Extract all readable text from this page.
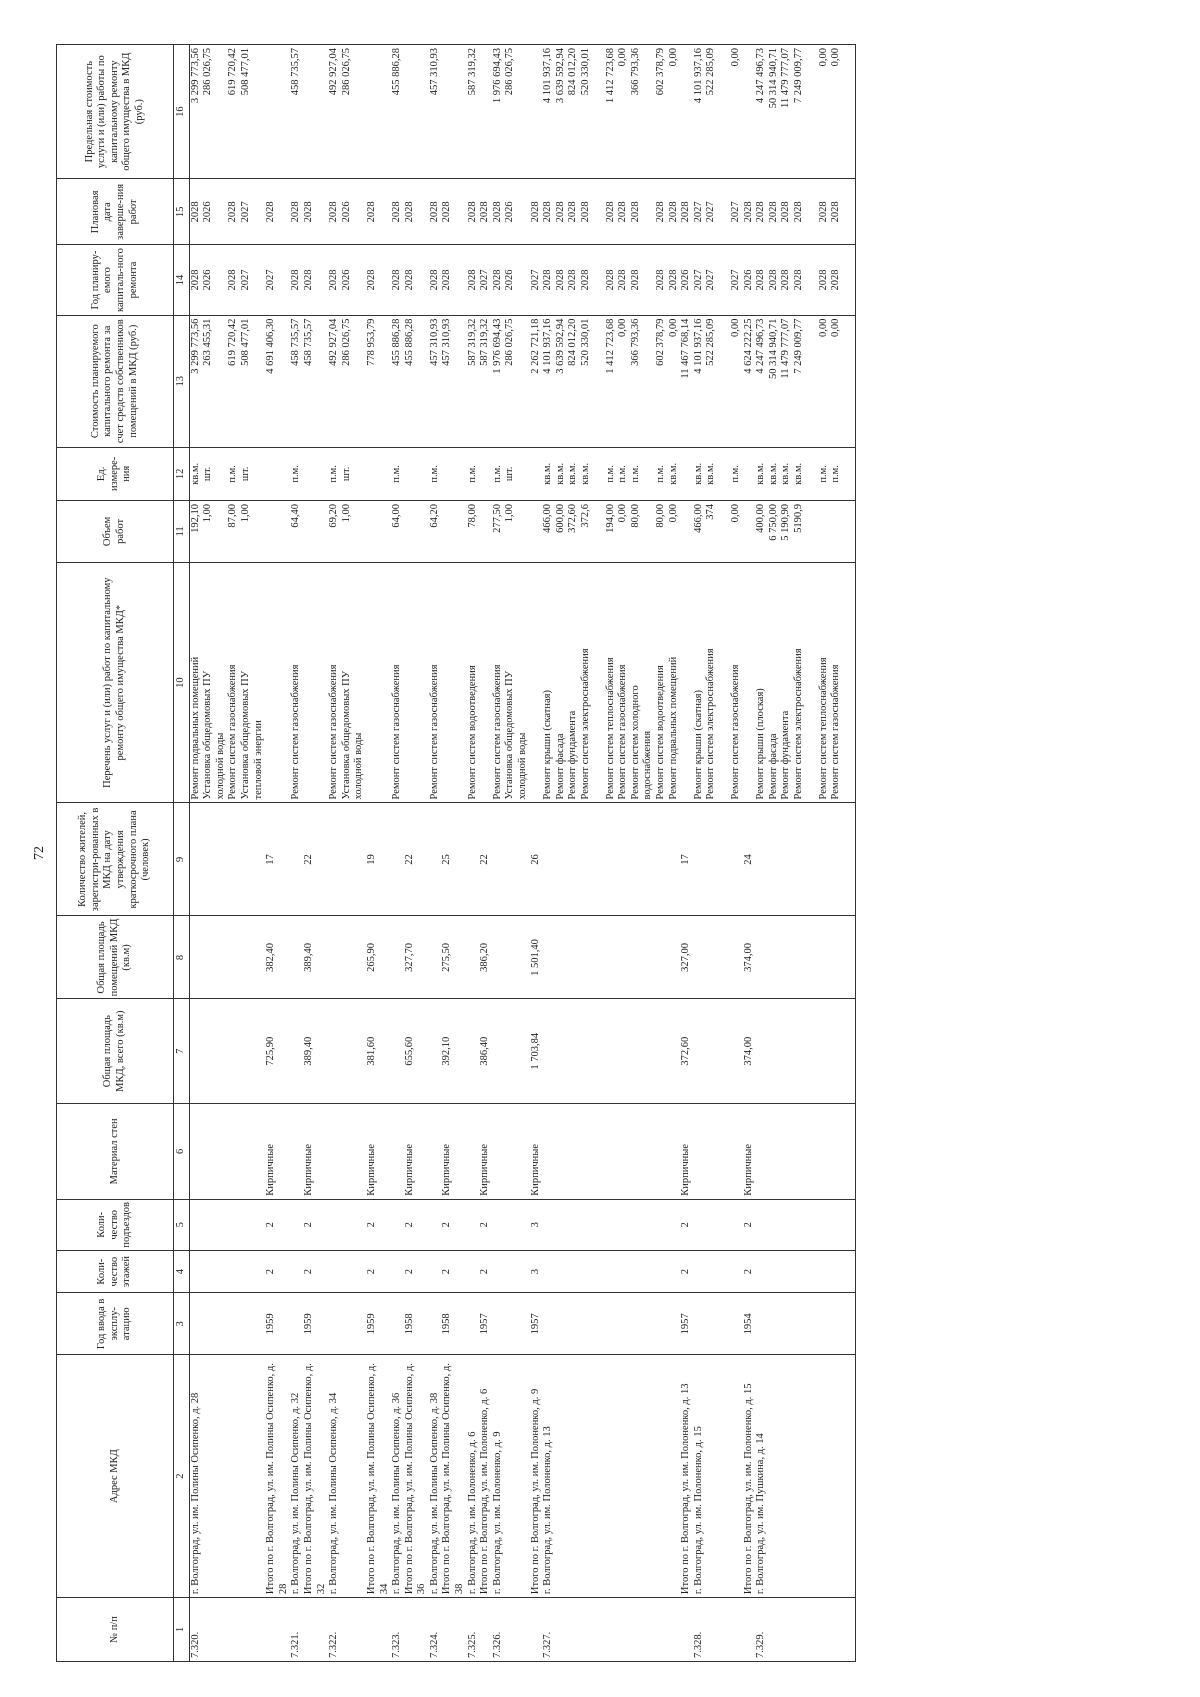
72
№ п/п	Адрес МКД	Год ввода в эксплу-атацию	Коли-чество этажей	Коли-чество подъездов	Материал стен	Общая площадь МКД, всего (кв.м)	Общая площадь помещений МКД (кв.м)	Количество жителей, зарегистри-рованных в МКД на дату утверждения краткосрочного плана (человек)	Перечень услуг и (или) работ по капитальному ремонту общего имущества МКД*	Объем работ	Ед. измере-ния	Стоимость планируемого капитального ремонта за счет средств собственников помещений в МКД (руб.)	Год планиру-емого капиталь-ного ремонта	Плановая дата заверше-ния работ	Предельная стоимость услуги и (или) работы по капитальному ремонту общего имущества в МКД (руб.)
1	2	3	4	5	6	7	8	9	10	11	12	13	14	15	16
7.320.	г. Волгоград, ул. им. Полины Осипенко, д. 28								Ремонт подвальных помещений	192,10	кв.м.	3 299 773,56	2028	2028	3 299 773,56
									Установка общедомовых ПУ	1,00	шт.	263 455,31	2026	2026	286 026,75
									холодной воды						
									Ремонт систем газоснабжения	87,00	п.м.	619 720,42	2028	2028	619 720,42
									Установка общедомовых ПУ	1,00	шт.	508 477,01	2027	2027	508 477,01
									тепловой энергии						
	Итого по г. Волгоград, ул. им. Полины Осипенко, д.	1959	2	2	Кирпичные	725,90	382,40	17				4 691 406,30	2027	2028	
	28														
7.321.	г. Волгоград, ул. им. Полины Осипенко, д. 32								Ремонт систем газоснабжения	64,40	п.м.	458 735,57	2028	2028	458 735,57
	Итого по г. Волгоград, ул. им. Полины Осипенко, д.	1959	2	2	Кирпичные	389,40	389,40	22				458 735,57	2028	2028	
	32														
7.322.	г. Волгоград, ул. им. Полины Осипенко, д. 34								Ремонт систем газоснабжения	69,20	п.м.	492 927,04	2028	2028	492 927,04
									Установка общедомовых ПУ	1,00	шт.	286 026,75	2026	2026	286 026,75
									холодной воды						
	Итого по г. Волгоград, ул. им. Полины Осипенко, д.	1959	2	2	Кирпичные	381,60	265,90	19				778 953,79	2028	2028	
	34														
7.323.	г. Волгоград, ул. им. Полины Осипенко, д. 36								Ремонт систем газоснабжения	64,00	п.м.	455 886,28	2028	2028	455 886,28
	Итого по г. Волгоград, ул. им. Полины Осипенко, д.	1958	2	2	Кирпичные	655,60	327,70	22				455 886,28	2028	2028	
	36														
7.324.	г. Волгоград, ул. им. Полины Осипенко, д. 38								Ремонт систем газоснабжения	64,20	п.м.	457 310,93	2028	2028	457 310,93
	Итого по г. Волгоград, ул. им. Полины Осипенко, д.	1958	2	2	Кирпичные	392,10	275,50	25				457 310,93	2028	2028	
	38														
7.325.	г. Волгоград, ул. им. Полоненко, д. 6								Ремонт систем водоотведения	78,00	п.м.	587 319,32	2028	2028	587 319,32
	Итого по г. Волгоград, ул. им. Полоненко, д. 6	1957	2	2	Кирпичные	386,40	386,20	22				587 319,32	2027	2028	
7.326.	г. Волгоград, ул. им. Полоненко, д. 9								Ремонт систем газоснабжения	277,50	п.м.	1 976 694,43	2028	2028	1 976 694,43
									Установка общедомовых ПУ	1,00	шт.	286 026,75	2026	2026	286 026,75
									холодной воды						
	Итого по г. Волгоград, ул. им. Полоненко, д. 9	1957	3	3	Кирпичные	1 703,84	1 501,40	26				2 262 721,18	2027	2028	
7.327.	г. Волгоград, ул. им. Полоненко, д. 13								Ремонт крыши (скатная)	466,00	кв.м.	4 101 937,16	2028	2028	4 101 937,16
									Ремонт фасада	600,00	кв.м.	3 639 592,94	2028	2028	3 639 592,94
									Ремонт фундамента	372,60	кв.м.	824 012,20	2028	2028	824 012,20
									Ремонт систем электроснабжения	372,6	кв.м.	520 330,01	2028	2028	520 330,01

									Ремонт систем теплоснабжения	194,00	п.м.	1 412 723,68	2028	2028	1 412 723,68
									Ремонт систем газоснабжения	0,00	п.м.	0,00	2028	2028	0,00
									Ремонт систем холодного	80,00	п.м.	366 793,36	2028	2028	366 793,36
									водоснабжения						
									Ремонт систем водоотведения	80,00	п.м.	602 378,79	2028	2028	602 378,79
									Ремонт подвальных помещений	0,00	кв.м.	0,00	2028	2028	0,00
	Итого по г. Волгоград, ул. им. Полоненко, д. 13	1957	2	2	Кирпичные	372,60	327,00	17				11 467 768,14	2026	2028	
7.328.	г. Волгоград, ул. им. Полоненко, д. 15								Ремонт крыши (скатная)	466,00	кв.м.	4 101 937,16	2027	2027	4 101 937,16
									Ремонт систем электроснабжения	374	кв.м.	522 285,09	2027	2027	522 285,09

									Ремонт систем газоснабжения	0,00	п.м.	0,00	2027	2027	0,00
	Итого по г. Волгоград, ул. им. Полоненко, д. 15	1954	2	2	Кирпичные	374,00	374,00	24				4 624 222,25	2026	2028	
7.329.	г. Волгоград, ул. им. Пушкина, д. 14								Ремонт крыши (плоская)	400,00	кв.м.	4 247 496,73	2028	2028	4 247 496,73
									Ремонт фасада	6 750,00	кв.м.	50 314 940,71	2028	2028	50 314 940,71
									Ремонт фундамента	5 190,90	кв.м.	11 479 777,07	2028	2028	11 479 777,07
									Ремонт систем электроснабжения	5190,9	кв.м.	7 249 009,77	2028	2028	7 249 009,77

									Ремонт систем теплоснабжения		п.м.	0,00	2028	2028	0,00
									Ремонт систем газоснабжения		п.м.	0,00	2028	2028	0,00
